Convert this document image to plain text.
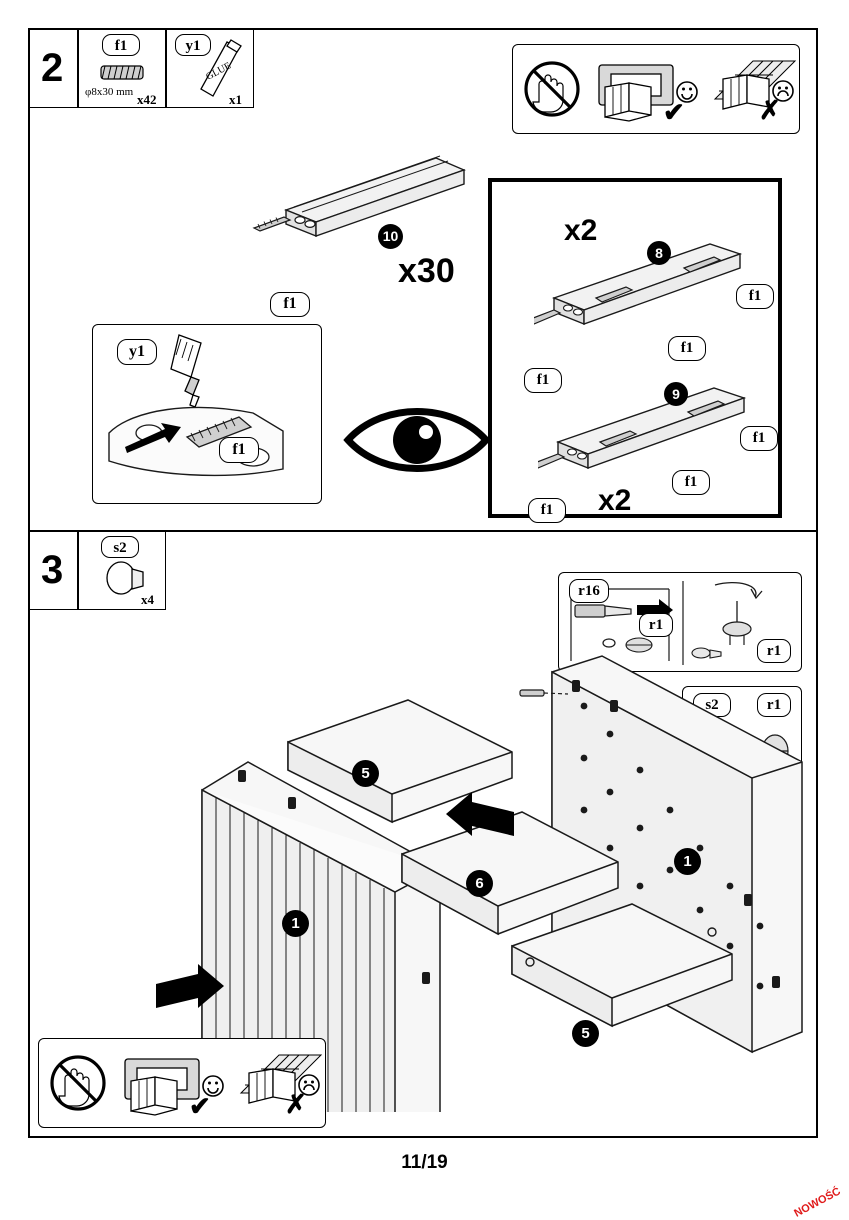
2	f1
φ8x30 mm x42
y1
GLUE
x1	✔	✗
10
f1
x30
y1
f1
x2
8
f1
f1
f1
9
f1
f1
f1	x2
3	s2
x4
r16
r1
r1
s2	r1
5
6
5
1
1
✔	✗
11/19
NOWOŚĆ
